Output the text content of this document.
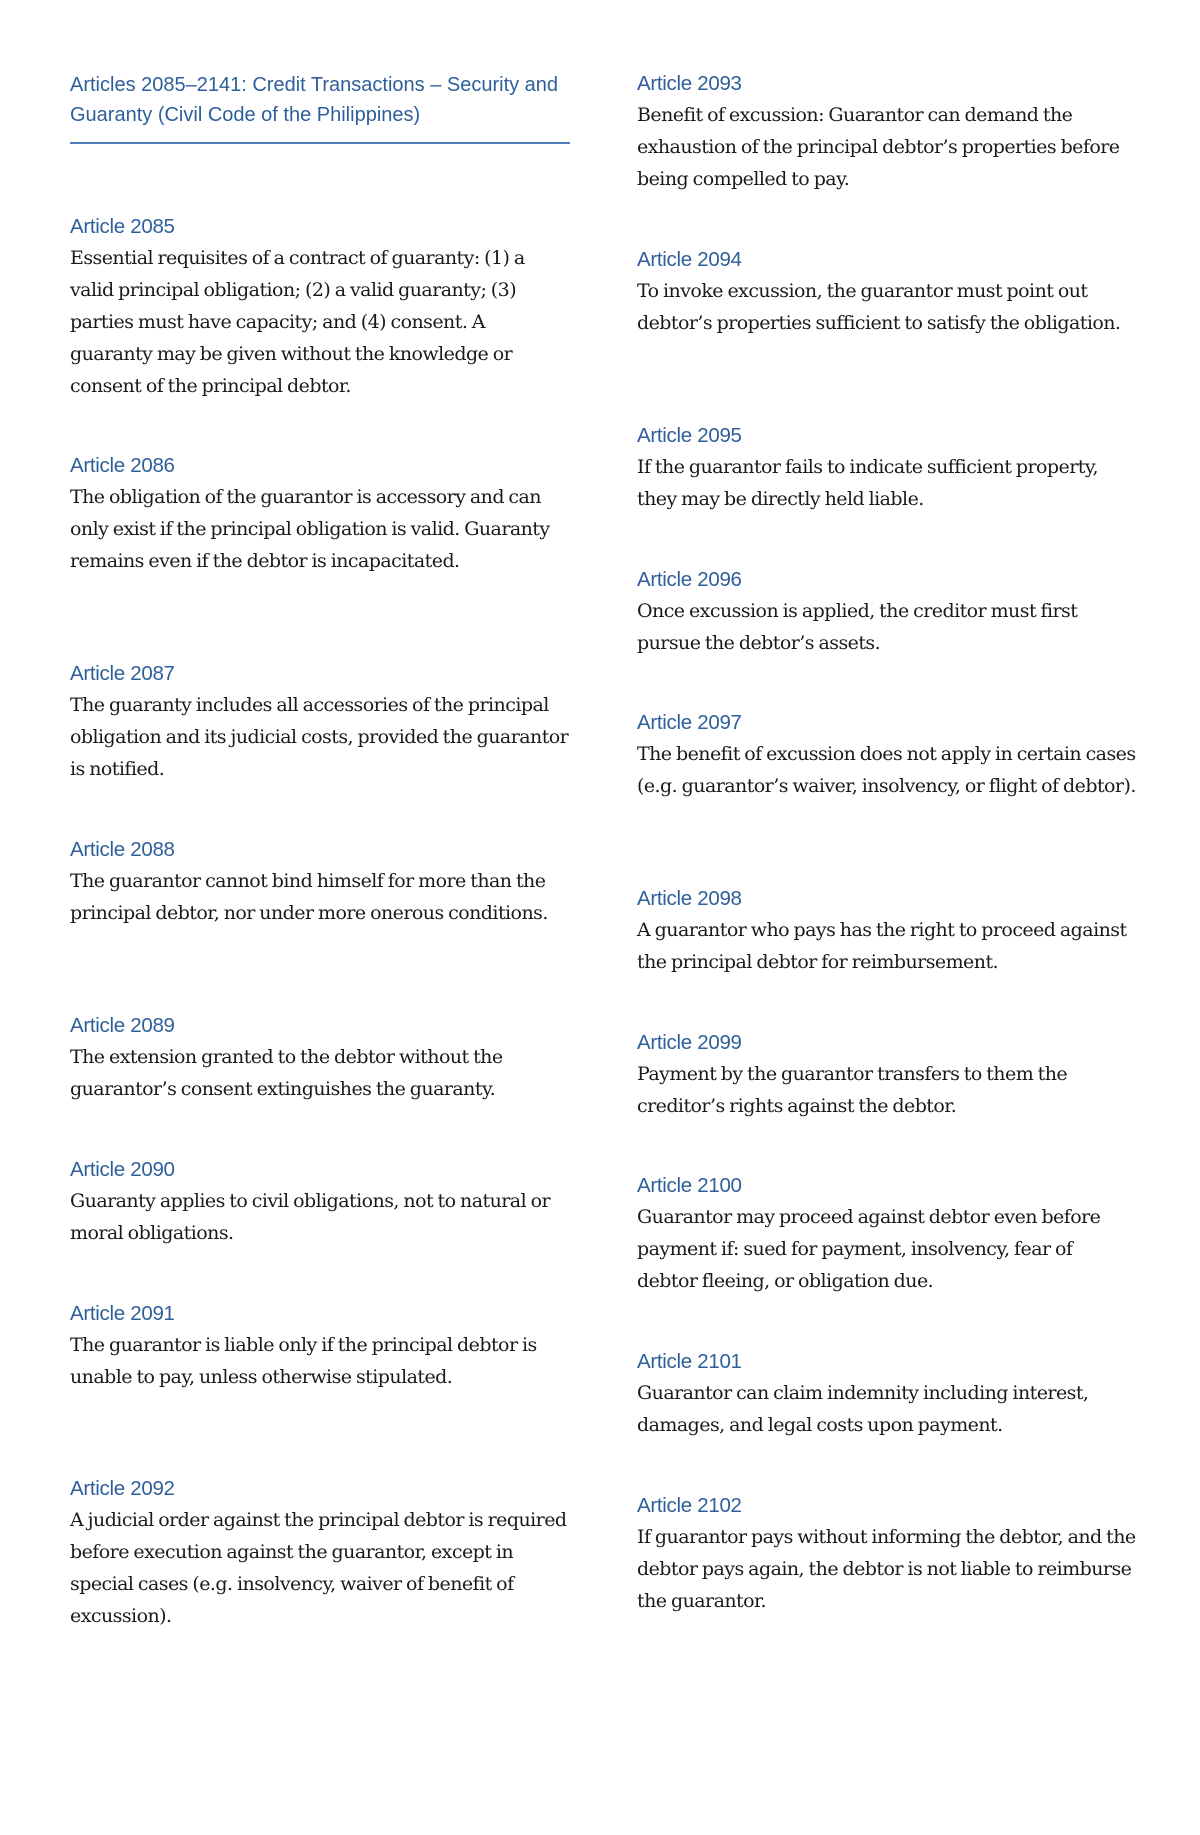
Articles 2085–2141: Credit Transactions – Security and Guaranty (Civil Code of the Philippines)
Article 2085

Essential requisites of a contract of guaranty: (1) a valid principal obligation; (2) a valid guaranty; (3) parties must have capacity; and (4) consent. A guaranty may be given without the knowledge or consent of the principal debtor.

Article 2086

The obligation of the guarantor is accessory and can only exist if the principal obligation is valid. Guaranty remains even if the debtor is incapacitated.

Article 2087

The guaranty includes all accessories of the principal obligation and its judicial costs, provided the guarantor is notified.

Article 2088

The guarantor cannot bind himself for more than the principal debtor, nor under more onerous conditions.

Article 2089

The extension granted to the debtor without the guarantor’s consent extinguishes the guaranty.

Article 2090

Guaranty applies to civil obligations, not to natural or moral obligations.

Article 2091

The guarantor is liable only if the principal debtor is unable to pay, unless otherwise stipulated.

Article 2092

A judicial order against the principal debtor is required before execution against the guarantor, except in special cases (e.g. insolvency, waiver of benefit of excussion).

Article 2093

Benefit of excussion: Guarantor can demand the exhaustion of the principal debtor’s properties before being compelled to pay.

Article 2094

To invoke excussion, the guarantor must point out debtor’s properties sufficient to satisfy the obligation.

Article 2095

If the guarantor fails to indicate sufficient property, they may be directly held liable.

Article 2096

Once excussion is applied, the creditor must first pursue the debtor’s assets.

Article 2097

The benefit of excussion does not apply in certain cases (e.g. guarantor’s waiver, insolvency, or flight of debtor).

Article 2098

A guarantor who pays has the right to proceed against the principal debtor for reimbursement.

Article 2099

Payment by the guarantor transfers to them the creditor’s rights against the debtor.

Article 2100

Guarantor may proceed against debtor even before payment if: sued for payment, insolvency, fear of debtor fleeing, or obligation due.

Article 2101

Guarantor can claim indemnity including interest, damages, and legal costs upon payment.

Article 2102

If guarantor pays without informing the debtor, and the debtor pays again, the debtor is not liable to reimburse the guarantor.
